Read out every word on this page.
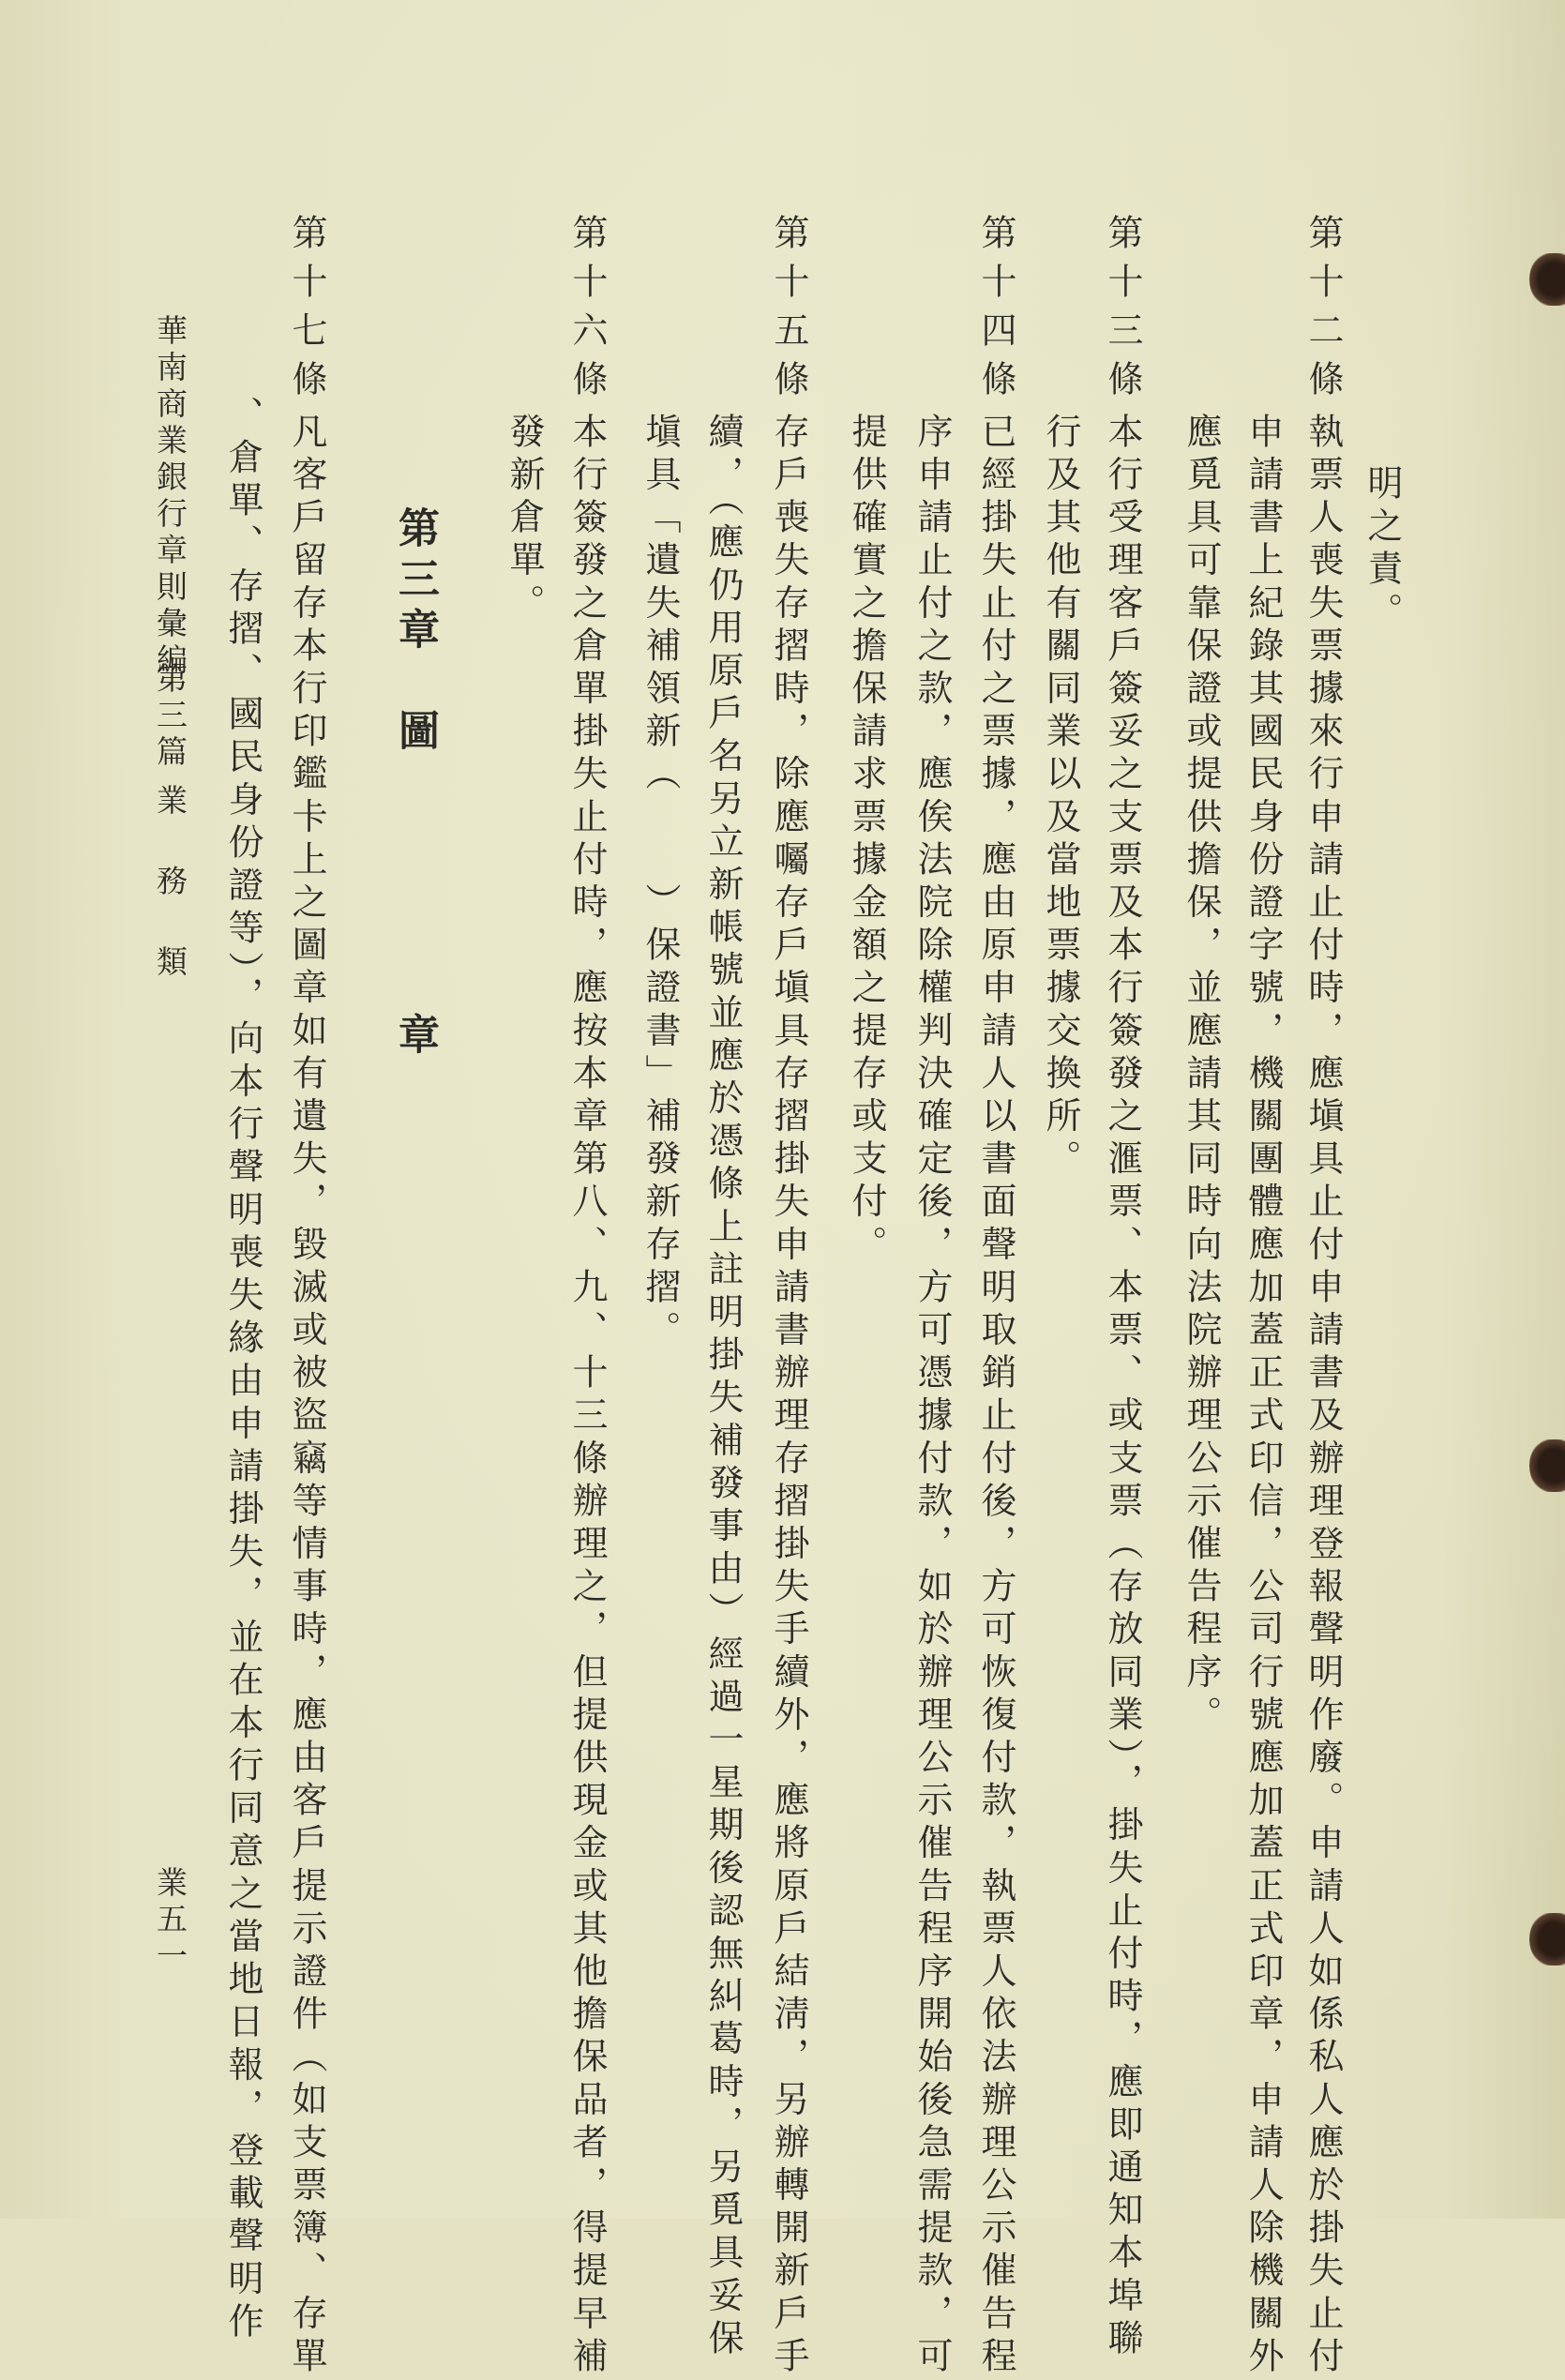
明之責。
第十二條
執票人喪失票據來行申請止付時，應塡具止付申請書及辦理登報聲明作廢。申請人如係私人應於掛失止付
申請書上紀錄其國民身份證字號，機關團體應加蓋正式印信，公司行號應加蓋正式印章，申請人除機關外
應覓具可靠保證或提供擔保，並應請其同時向法院辦理公示催告程序。
第十三條
本行受理客戶簽妥之支票及本行簽發之滙票、本票、或支票（存放同業），掛失止付時，應即通知本埠聯
行及其他有關同業以及當地票據交換所。
第十四條
已經掛失止付之票據，應由原申請人以書面聲明取銷止付後，方可恢復付款，執票人依法辦理公示催告程
序申請止付之款，應俟法院除權判決確定後，方可憑據付款，如於辦理公示催告程序開始後急需提款，可
提供確實之擔保請求票據金額之提存或支付。
第十五條
存戶喪失存摺時，除應囑存戶塡具存摺掛失申請書辦理存摺掛失手續外，應將原戶結淸，另辦轉開新戶手
續，（應仍用原戶名另立新帳號並應於憑條上註明掛失補發事由）經過一星期後認無糾葛時，另覓具妥保
塡具「遺失補領新（　　）保證書」補發新存摺。
第十六條
本行簽發之倉單掛失止付時，應按本章第八、九、十三條辦理之，但提供現金或其他擔保品者，得提早補
發新倉單。
第三章　圖　　　　　章
第十七條
凡客戶留存本行印鑑卡上之圖章如有遺失，毀滅或被盜竊等情事時，應由客戶提示證件（如支票簿、存單
、倉單、存摺、國民身份證等），向本行聲明喪失緣由申請掛失，並在本行同意之當地日報，登載聲明作
華南商業銀行章則彙編
第三篇
業
務
類
業五一
